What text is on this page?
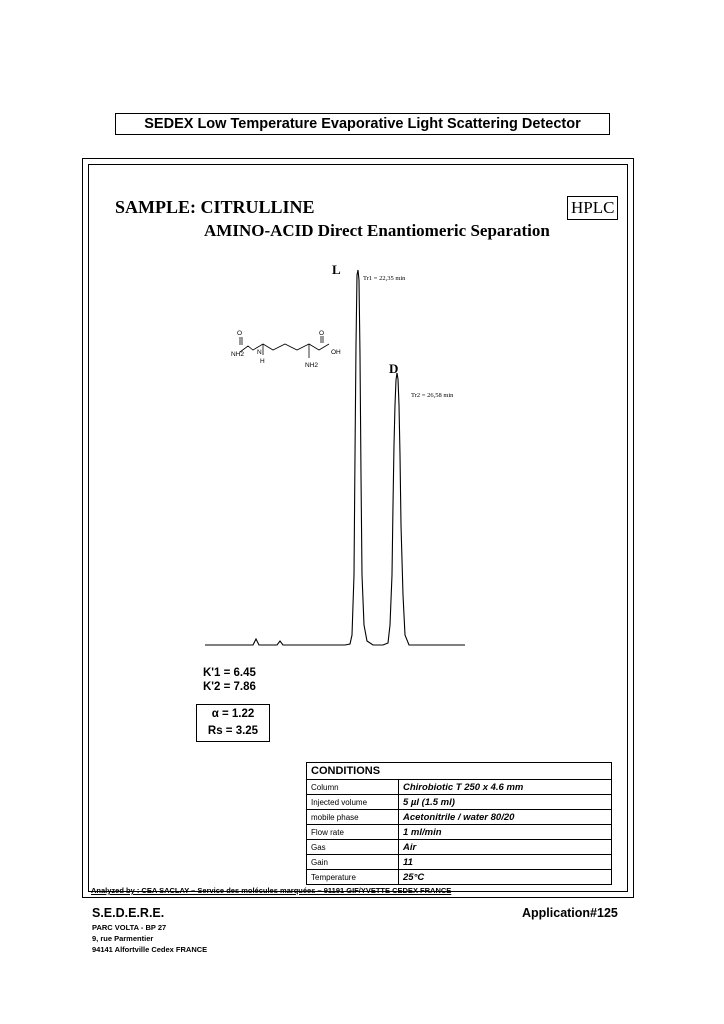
SEDEX Low Temperature Evaporative Light Scattering Detector
SAMPLE: CITRULLINE	HPLC
AMINO-ACID Direct Enantiomeric Separation
NH2 N
H
O	O
OH
NH2
L
Tr1 = 22,35 min
D
Tr2 = 26,58 min
K'1 = 6.45
K'2 = 7.86
α = 1.22
Rs = 3.25
CONDITIONS	
Column	Chirobiotic T 250 x 4.6 mm
Injected volume	5 µl (1.5 ml)
mobile phase	Acetonitrile / water 80/20
Flow rate	1 ml/min
Gas	Air
Gain	11
Temperature	25°C
Analyzed by : CEA SACLAY – Service des molécules marquées – 91191 GIF/YVETTE CEDEX FRANCE
S.E.D.E.R.E.	Application#125
PARC VOLTA - BP 27
9, rue Parmentier
94141 Alfortville Cedex FRANCE
